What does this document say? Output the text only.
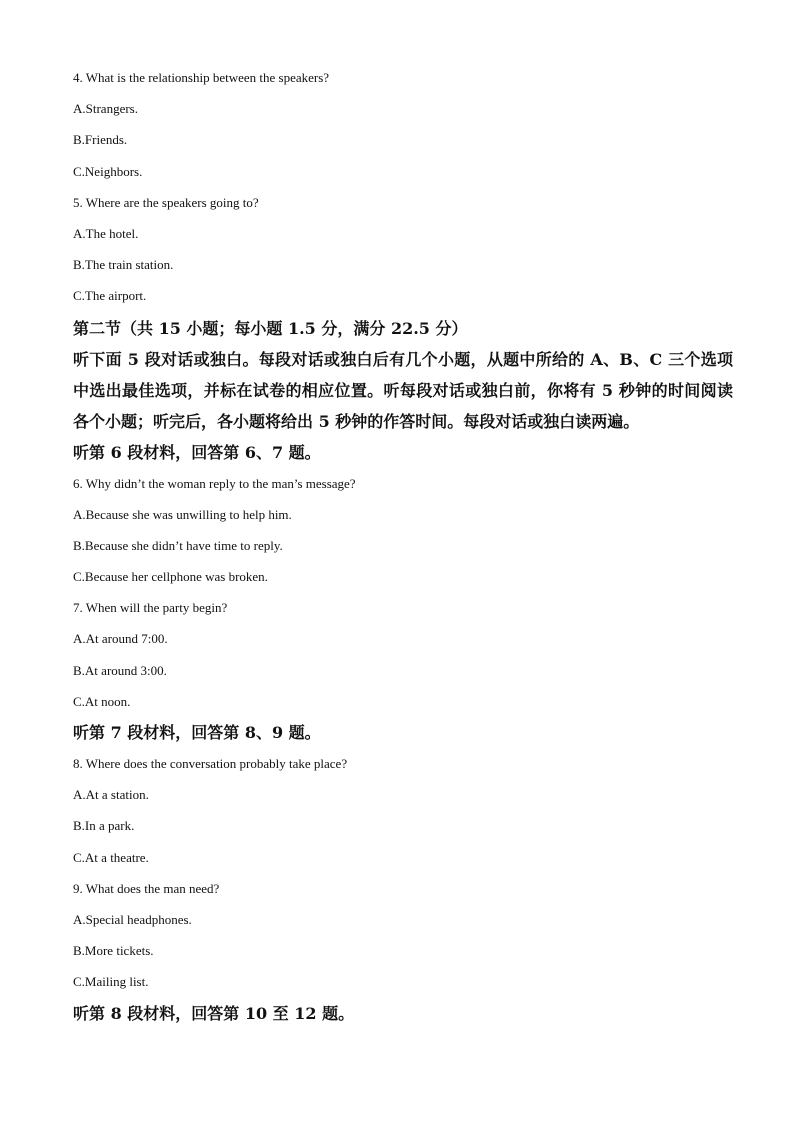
4. What is the relationship between the speakers?
A.Strangers.
B.Friends.
C.Neighbors.
5. Where are the speakers going to?
A.The hotel.
B.The train station.
C.The airport.
第二节（共 15 小题；每小题 1.5 分，满分 22.5 分）
听下面 5 段对话或独白。每段对话或独白后有几个小题，从题中所给的 A、B、C 三个选项中选出最佳选项，并标在试卷的相应位置。听每段对话或独白前，你将有 5 秒钟的时间阅读各个小题；听完后，各小题将给出 5 秒钟的作答时间。每段对话或独白读两遍。
听第 6 段材料，回答第 6、7 题。
6. Why didn’t the woman reply to the man’s message?
A.Because she was unwilling to help him.
B.Because she didn’t have time to reply.
C.Because her cellphone was broken.
7. When will the party begin?
A.At around 7:00.
B.At around 3:00.
C.At noon.
听第 7 段材料，回答第 8、9 题。
8. Where does the conversation probably take place?
A.At a station.
B.In a park.
C.At a theatre.
9. What does the man need?
A.Special headphones.
B.More tickets.
C.Mailing list.
听第 8 段材料，回答第 10 至 12 题。
